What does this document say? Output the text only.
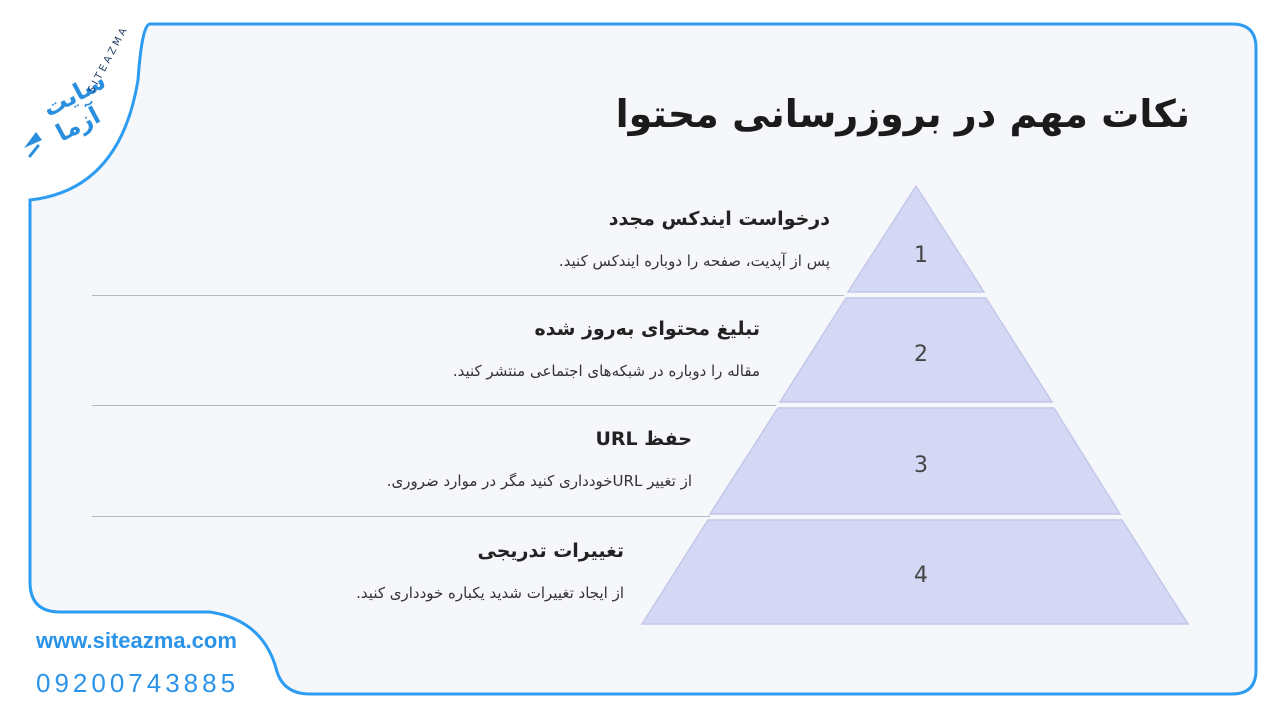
سایت آزما
SITEAZMA
نکات مهم در بروزرسانی محتوا
درخواست ایندکس مجدد
پس از آپدیت، صفحه را دوباره ایندکس کنید.	1
تبلیغ محتوای به‌روز شده
مقاله را دوباره در شبکه‌های اجتماعی منتشر کنید.
2
حفظ URL
از تغییر URLخودداری کنید مگر در موارد ضروری.
3
تغییرات تدریجی
از ایجاد تغییرات شدید یکباره خودداری کنید.
4
www.siteazma.com
09200743885
